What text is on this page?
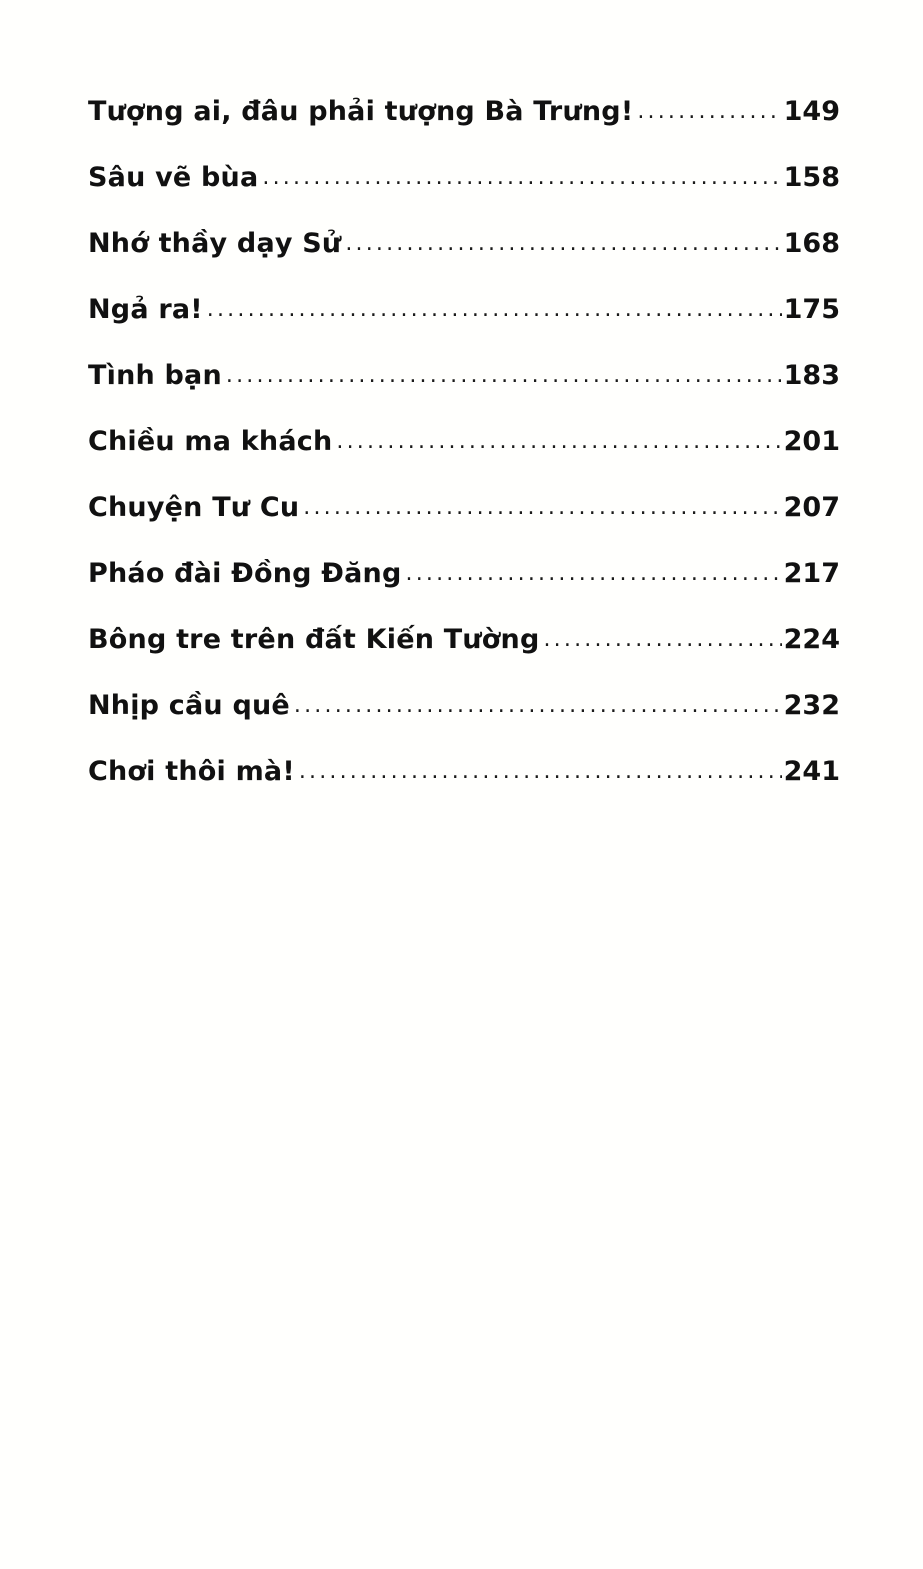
Tượng ai, đâu phải tượng Bà Trưng! .....	149
Sâu vẽ bùa .....	158
Nhớ thầy dạy Sử .....	168
Ngả ra! .....	175
Tình bạn .....	183
Chiều ma khách .....	201
Chuyện Tư Cu .....	207
Pháo đài Đồng Đăng .....	217
Bông tre trên đất Kiến Tường .....	224
Nhịp cầu quê .....	232
Chơi thôi mà! .....	241
